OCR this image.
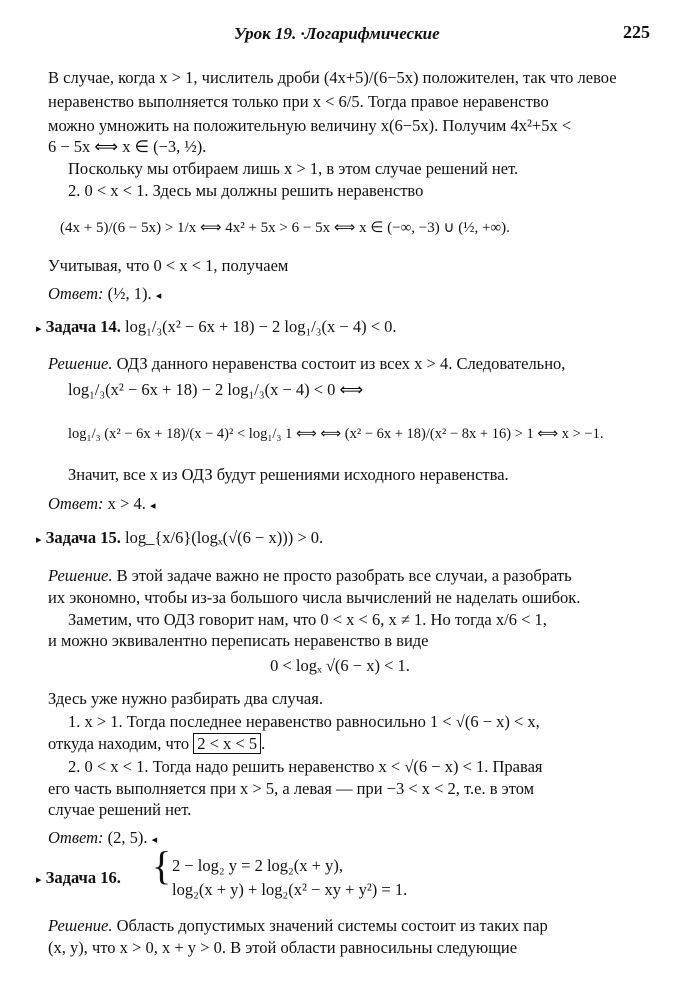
Урок 19. ·Логарифмические	225
В случае, когда x > 1, числитель дроби (4x+5)/(6−5x) положителен, так что левое
неравенство выполняется только при x < 6/5. Тогда правое неравенство
можно умножить на положительную величину x(6−5x). Получим 4x²+5x <
6 − 5x ⟺ x ∈ (−3, ½).
Поскольку мы отбираем лишь x > 1, в этом случае решений нет.
2. 0 < x < 1. Здесь мы должны решить неравенство
(4x + 5)/(6 − 5x) > 1/x ⟺ 4x² + 5x > 6 − 5x ⟺ x ∈ (−∞, −3) ∪ (½, +∞).
Учитывая, что 0 < x < 1, получаем
Ответ: (½, 1). ◂
▸ Задача 14. log₁/₃(x² − 6x + 18) − 2 log₁/₃(x − 4) < 0.
Решение. ОДЗ данного неравенства состоит из всех x > 4. Следовательно,
log₁/₃(x² − 6x + 18) − 2 log₁/₃(x − 4) < 0 ⟺
log₁/₃ (x² − 6x + 18)/(x − 4)² < log₁/₃ 1 ⟺ ⟺ (x² − 6x + 18)/(x² − 8x + 16) > 1 ⟺ x > −1.
Значит, все x из ОДЗ будут решениями исходного неравенства.
Ответ: x > 4. ◂
▸ Задача 15. log_{x/6}(logₓ(√(6 − x))) > 0.
Решение. В этой задаче важно не просто разобрать все случаи, а разобрать
их экономно, чтобы из-за большого числа вычислений не наделать ошибок.
Заметим, что ОДЗ говорит нам, что 0 < x < 6, x ≠ 1. Но тогда x/6 < 1,
и можно эквивалентно переписать неравенство в виде
0 < logₓ √(6 − x) < 1.
Здесь уже нужно разбирать два случая.
1. x > 1. Тогда последнее неравенство равносильно 1 < √(6 − x) < x,
откуда находим, что 2 < x < 5 .
2. 0 < x < 1. Тогда надо решить неравенство x < √(6 − x) < 1. Правая
его часть выполняется при x > 5, а левая — при −3 < x < 2, т.е. в этом
случае решений нет.
Ответ: (2, 5). ◂
▸ Задача 16. { 2 − log₂ y = 2 log₂(x + y),
log₂(x + y) + log₂(x² − xy + y²) = 1.
Решение. Область допустимых значений системы состоит из таких пар
(x, y), что x > 0, x + y > 0. В этой области равносильны следующие
